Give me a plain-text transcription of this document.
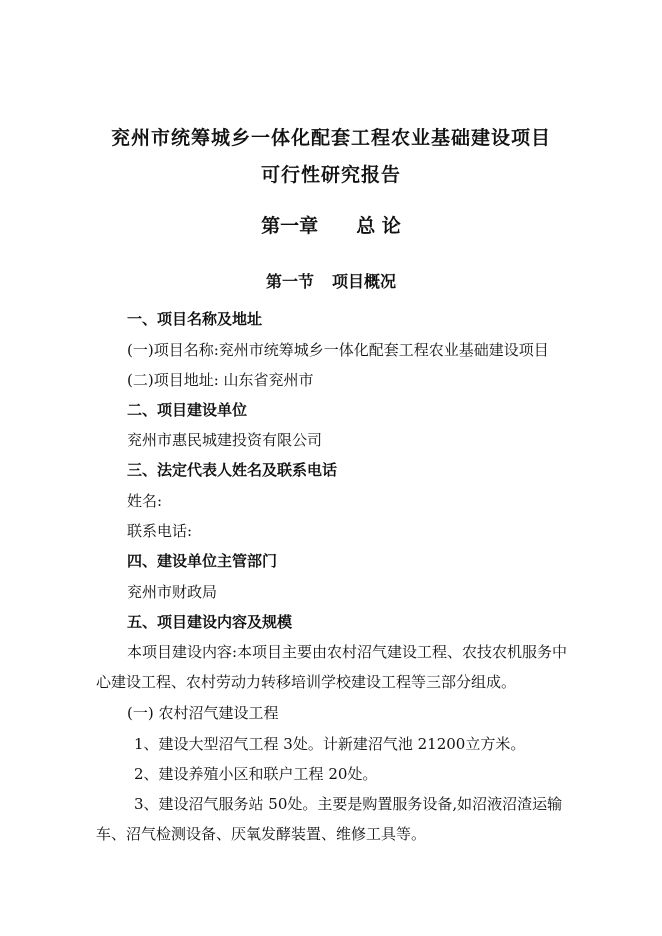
兖州市统筹城乡一体化配套工程农业基础建设项目
可行性研究报告
第一章 总 论
第一节 项目概况
一、项目名称及地址
(一)项目名称:兖州市统筹城乡一体化配套工程农业基础建设项目
(二)项目地址: 山东省兖州市
二、项目建设单位
兖州市惠民城建投资有限公司
三、法定代表人姓名及联系电话
姓名:
联系电话:
四、建设单位主管部门
兖州市财政局
五、项目建设内容及规模
本项目建设内容:本项目主要由农村沼气建设工程、农技农机服务中
心建设工程、农村劳动力转移培训学校建设工程等三部分组成。
(一) 农村沼气建设工程
1、建设大型沼气工程 3处。计新建沼气池 21200立方米。
2、建设养殖小区和联户工程 20处。
3、建设沼气服务站 50处。主要是购置服务设备,如沼液沼渣运输
车、沼气检测设备、厌氧发酵装置、维修工具等。
